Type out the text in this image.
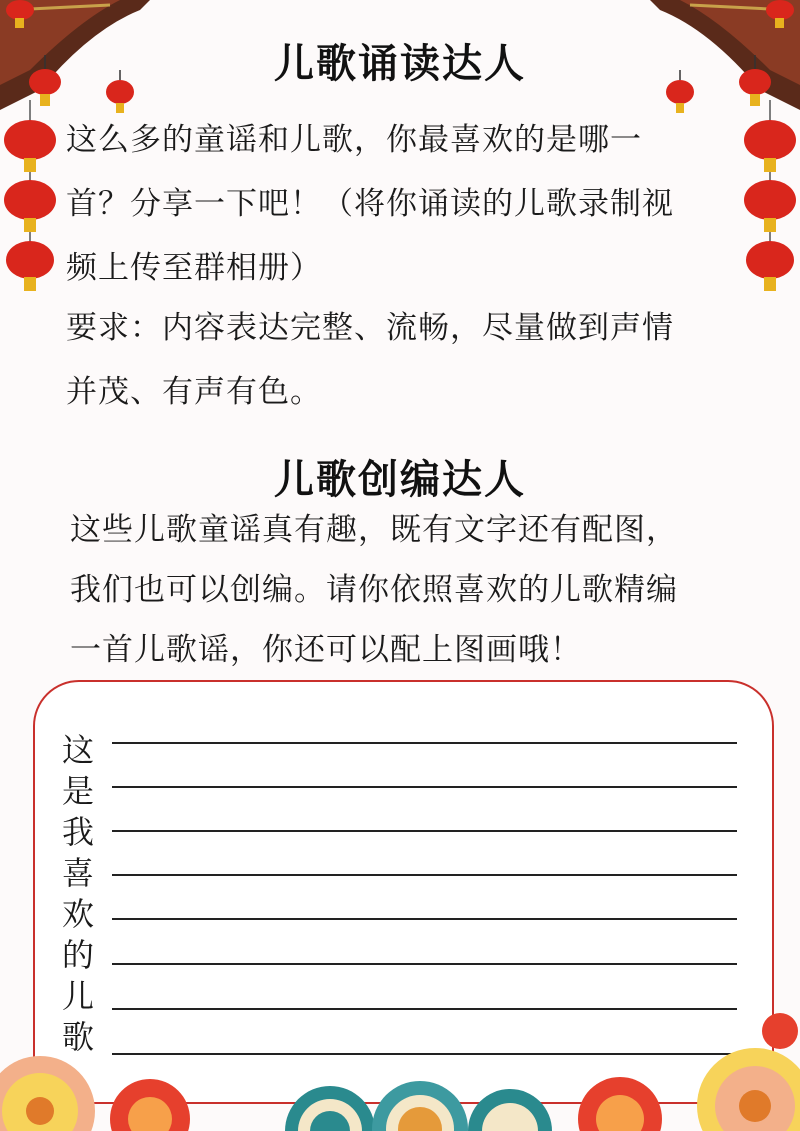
儿歌诵读达人
这么多的童谣和儿歌，你最喜欢的是哪一
首？分享一下吧！（将你诵读的儿歌录制视
频上传至群相册）
要求：内容表达完整、流畅，尽量做到声情
并茂、有声有色。
儿歌创编达人
这些儿歌童谣真有趣，既有文字还有配图，
我们也可以创编。请你依照喜欢的儿歌精编
一首儿歌谣，你还可以配上图画哦！
这
是
我
喜
欢
的
儿
歌
